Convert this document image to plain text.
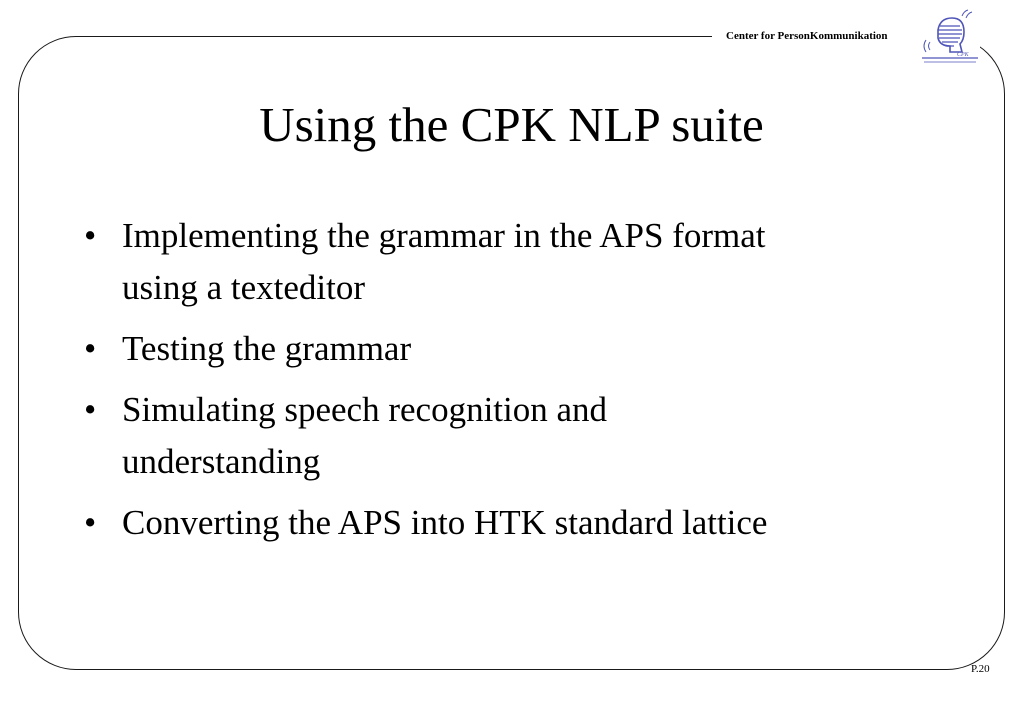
Center for PersonKommunikation
CPK
Using the CPK NLP suite
• Implementing the grammar in the APS format
using a texteditor
• Testing the grammar
• Simulating speech recognition and
understanding
• Converting the APS into HTK standard lattice
P.20
